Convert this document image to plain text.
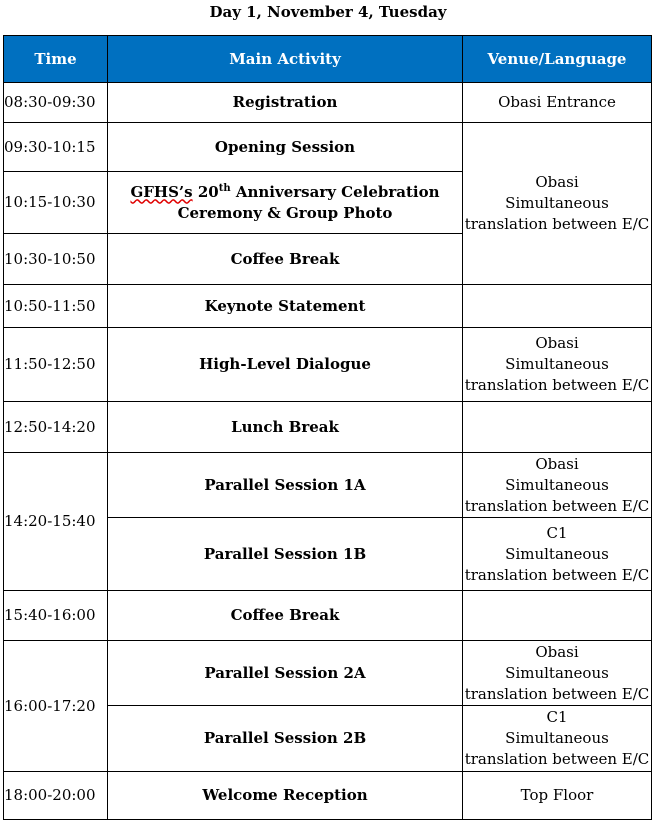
Day 1, November 4, Tuesday
Time	Main Activity	Venue/Language
08:30-09:30	Registration	Obasi Entrance
09:30-10:15	Opening Session	Obasi
Simultaneous
translation between E/C

10:15-10:30	GFHS’s 20th Anniversary Celebration
Ceremony & Group Photo	

10:30-10:50	Coffee Break	
10:50-11:50	Keynote Statement	
11:50-12:50	High-Level Dialogue	Obasi
Simultaneous
translation between E/C

12:50-14:20	Lunch Break	
14:20-15:40	Parallel Session 1A	Obasi
Simultaneous
translation between E/C

	Parallel Session 1B	C1
Simultaneous
translation between E/C

15:40-16:00	Coffee Break	
16:00-17:20	Parallel Session 2A	Obasi
Simultaneous
translation between E/C

	Parallel Session 2B	C1
Simultaneous
translation between E/C

18:00-20:00	Welcome Reception	Top Floor
